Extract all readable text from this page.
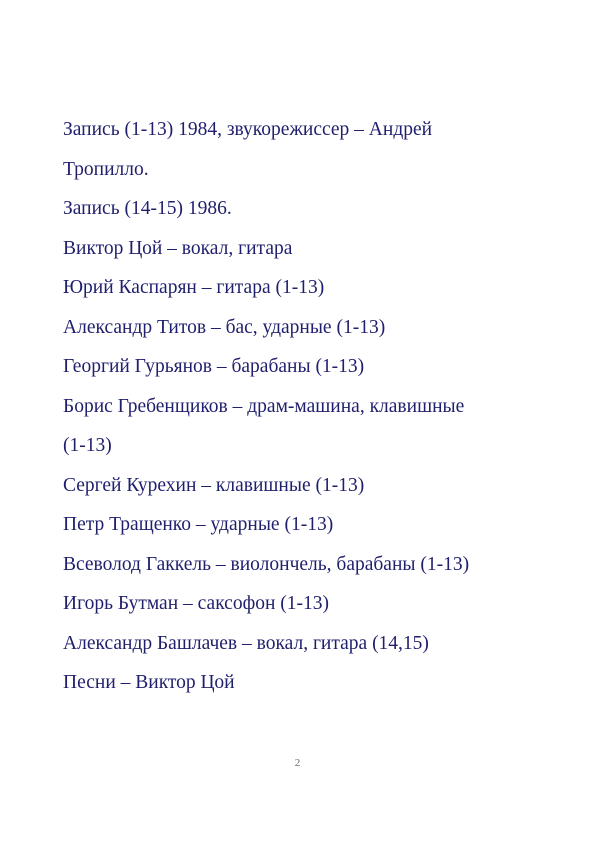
Запись (1-13) 1984, звукорежиссер – Андрей

Тропилло.

Запись (14-15) 1986.

Виктор Цой – вокал, гитара

Юрий Каспарян – гитара (1-13)

Александр Титов – бас, ударные (1-13)

Георгий Гурьянов – барабаны (1-13)

Борис Гребенщиков – драм-машина, клавишные

(1-13)

Сергей Курехин – клавишные (1-13)

Петр Тращенко – ударные (1-13)

Всеволод Гаккель – виолончель, барабаны (1-13)

Игорь Бутман – саксофон (1-13)

Александр Башлачев – вокал, гитара (14,15)

Песни – Виктор Цой

2
